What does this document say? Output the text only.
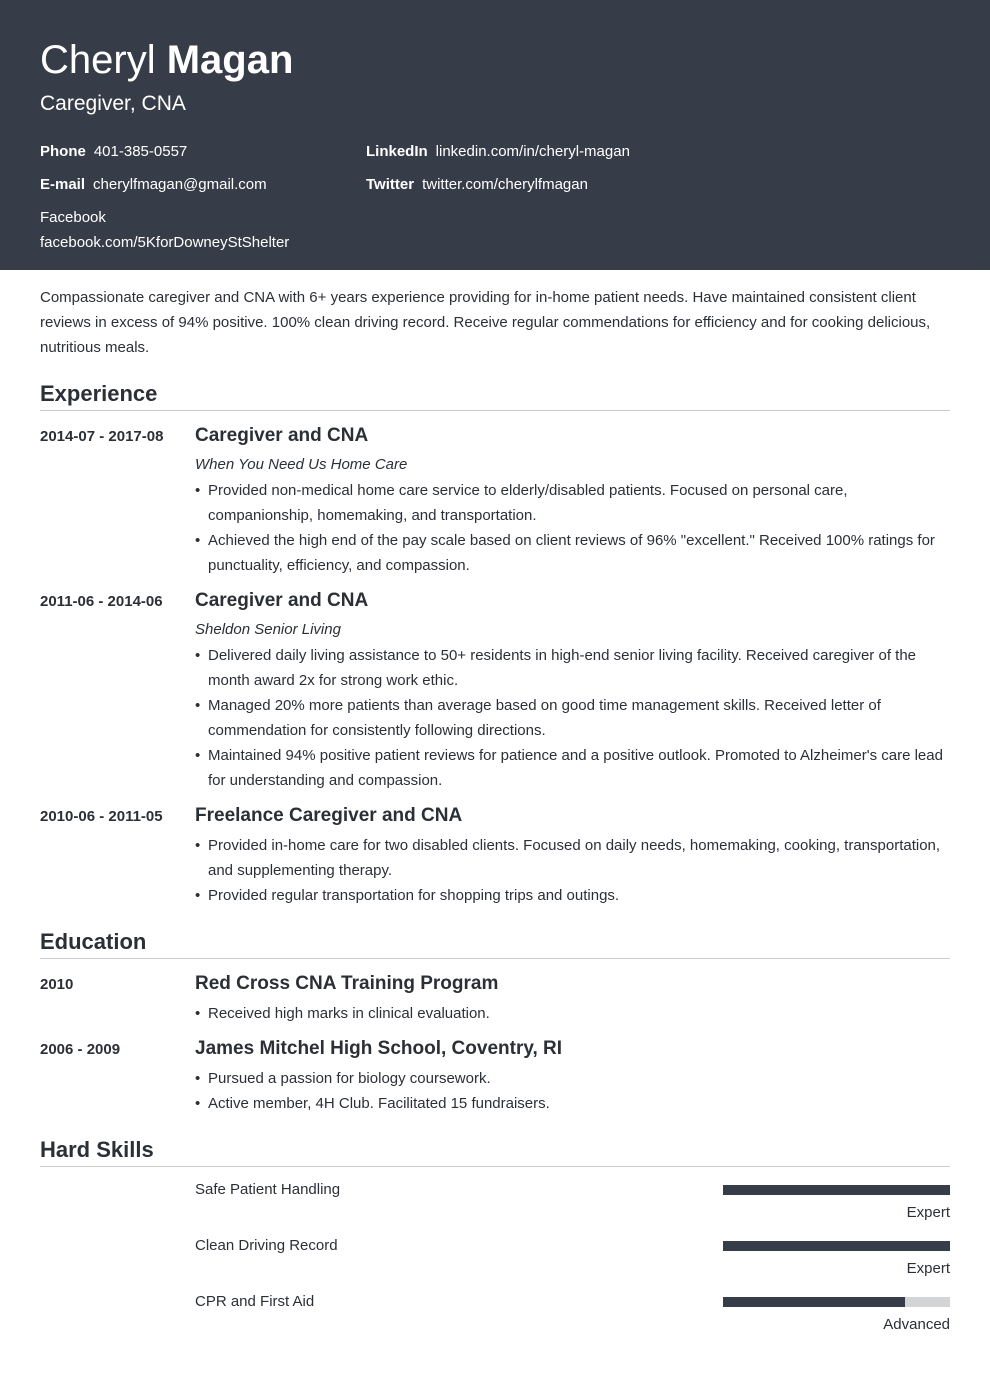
Cheryl Magan
Caregiver, CNA
Phone 401-385-0557
E-mail cherylfmagan@gmail.com
Facebook
facebook.com/5KforDowneyStShelter
LinkedIn linkedin.com/in/cheryl-magan
Twitter twitter.com/cherylfmagan
Compassionate caregiver and CNA with 6+ years experience providing for in-home patient needs. Have maintained consistent client reviews in excess of 94% positive. 100% clean driving record. Receive regular commendations for efficiency and for cooking delicious, nutritious meals.
Experience
2014-07 - 2017-08 Caregiver and CNA
When You Need Us Home Care
• Provided non-medical home care service to elderly/disabled patients. Focused on personal care, companionship, homemaking, and transportation.
• Achieved the high end of the pay scale based on client reviews of 96% "excellent." Received 100% ratings for punctuality, efficiency, and compassion.
2011-06 - 2014-06 Caregiver and CNA
Sheldon Senior Living
• Delivered daily living assistance to 50+ residents in high-end senior living facility. Received caregiver of the month award 2x for strong work ethic.
• Managed 20% more patients than average based on good time management skills. Received letter of commendation for consistently following directions.
• Maintained 94% positive patient reviews for patience and a positive outlook. Promoted to Alzheimer's care lead for understanding and compassion.
2010-06 - 2011-05 Freelance Caregiver and CNA
• Provided in-home care for two disabled clients. Focused on daily needs, homemaking, cooking, transportation, and supplementing therapy.
• Provided regular transportation for shopping trips and outings.
Education
2010	Red Cross CNA Training Program
• Received high marks in clinical evaluation.
2006 - 2009	James Mitchel High School, Coventry, RI
• Pursued a passion for biology coursework.
• Active member, 4H Club. Facilitated 15 fundraisers.
Hard Skills
Safe Patient Handling
Expert
Clean Driving Record
Expert
CPR and First Aid
Advanced
